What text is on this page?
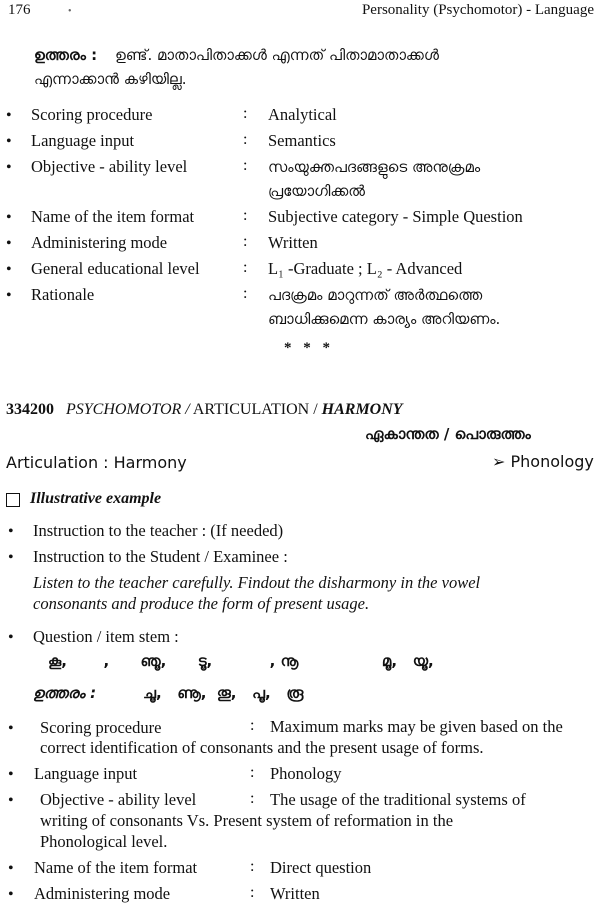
176	•	Personality (Psychomotor) - Language
ഉത്തരം : ഉണ്ട്. മാതാപിതാക്കൾ എന്നത് പിതാമാതാക്കൾ
എന്നാക്കാൻ കഴിയില്ല.
• Scoring procedure	: Analytical
• Language input	: Semantics
• Objective - ability level	: സംയുക്തപദങ്ങളുടെ അനുക്രമം
പ്രയോഗിക്കൽ
• Name of the item format	: Subjective category - Simple Question
• Administering mode	: Written
• General educational level	: L₁ -Graduate ; L₂ - Advanced
• Rationale	: പദക്രമം മാറുന്നത് അർത്ഥത്തെ
ബാധിക്കുമെന്ന കാര്യം അറിയണം.
* * *
334200 PSYCHOMOTOR / ARTICULATION / HARMONY
ഏകാന്തത / പൊരുത്തം
Articulation : Harmony	➢ Phonology
Illustrative example
• Instruction to the teacher : (If needed)
• Instruction to the Student / Examinee :
Listen to the teacher carefully. Findout the disharmony in the vowel
consonants and produce the form of present usage.
• Question / item stem :
കൂ,       ,      ഞൂ,      ടൂ,           , നൂ                മൂ,   യൂ,
ഉത്തരം :	ചൂ,   ണൂ,  തൂ,   പൂ,   രൂ
• Scoring procedure	: Maximum marks may be given based on the
correct identification of consonants and the present usage of forms.
• Language input	: Phonology
• Objective - ability level	: The usage of the traditional systems of
writing of consonants Vs. Present system of reformation in the
Phonological level.
• Name of the item format	: Direct question
• Administering mode	: Written
